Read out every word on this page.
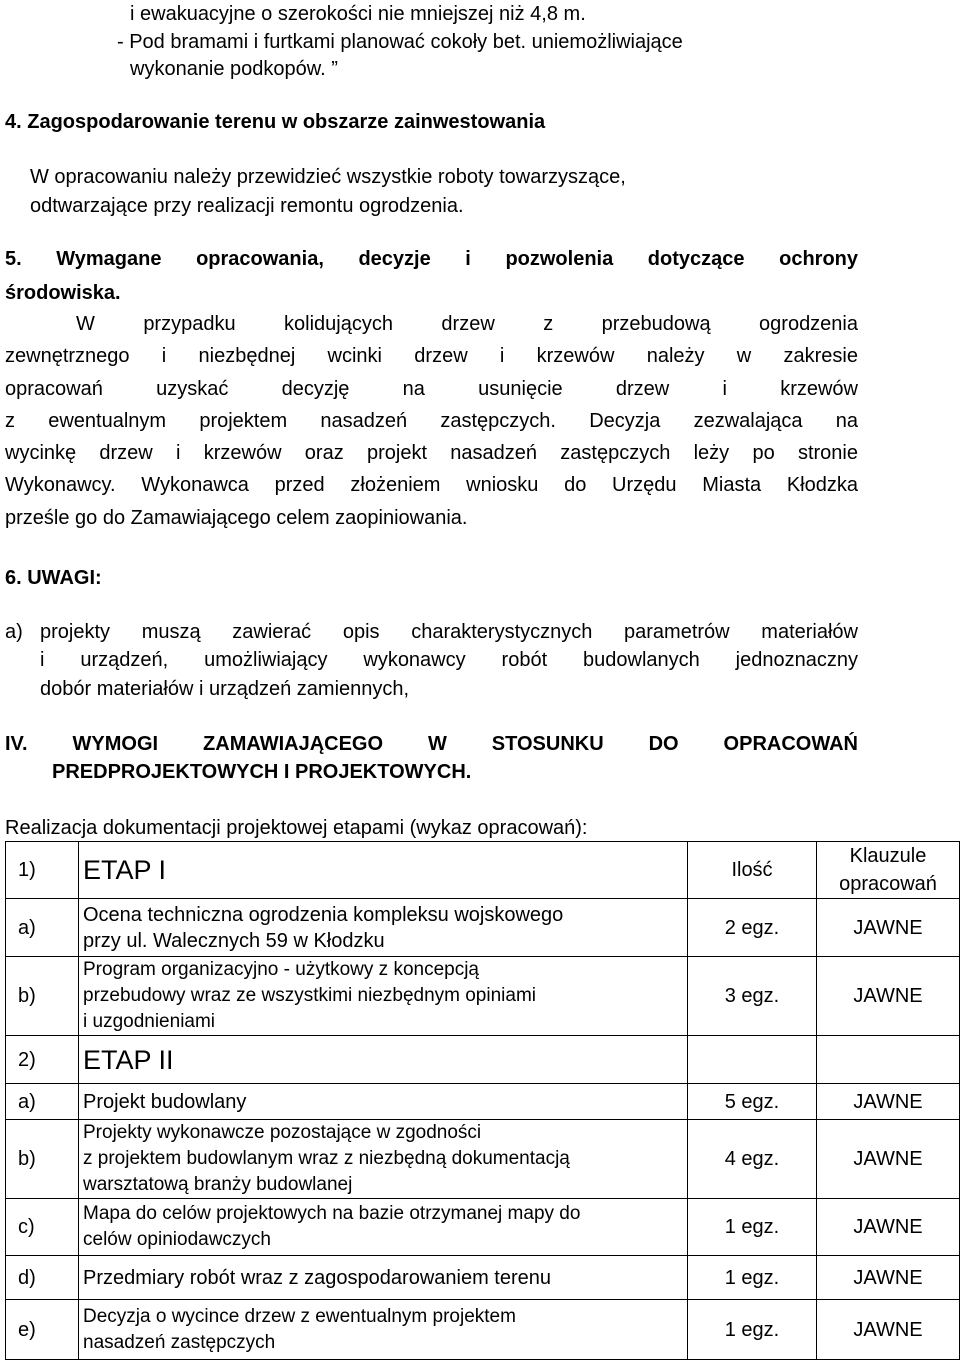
i ewakuacyjne o szerokości nie mniejszej niż 4,8 m.
- Pod bramami i furtkami planować cokoły bet. uniemożliwiające
wykonanie podkopów. ”
4. Zagospodarowanie terenu w obszarze zainwestowania
W opracowaniu należy przewidzieć wszystkie roboty towarzyszące,
odtwarzające przy realizacji remontu ogrodzenia.
5. Wymagane opracowania, decyzje i pozwolenia dotyczące ochrony
środowiska.
W przypadku kolidujących drzew z przebudową ogrodzenia
zewnętrznego i niezbędnej wcinki drzew i krzewów należy w zakresie
opracowań uzyskać decyzję na usunięcie drzew i krzewów
z ewentualnym projektem nasadzeń zastępczych. Decyzja zezwalająca na
wycinkę drzew i krzewów oraz projekt nasadzeń zastępczych leży po stronie
Wykonawcy. Wykonawca przed złożeniem wniosku do Urzędu Miasta Kłodzka
prześle go do Zamawiającego celem zaopiniowania.
6. UWAGI:
a) projekty muszą zawierać opis charakterystycznych parametrów materiałów
i urządzeń, umożliwiający wykonawcy robót budowlanych jednoznaczny
dobór materiałów i urządzeń zamiennych,
IV. WYMOGI ZAMAWIAJĄCEGO W STOSUNKU DO OPRACOWAŃ
PREDPROJEKTOWYCH I PROJEKTOWYCH.
Realizacja dokumentacji projektowej etapami (wykaz opracowań):
1)	ETAP I	Ilość	Klauzule
opracowań

a)	Ocena techniczna ogrodzenia kompleksu wojskowego
przy ul. Walecznych 59 w Kłodzku	2 egz.	JAWNE
b)	Program organizacyjno - użytkowy z koncepcją
przebudowy wraz ze wszystkimi niezbędnym opiniami
i uzgodnieniami	3 egz.	JAWNE
2)	ETAP II		
a)	Projekt budowlany	5 egz.	JAWNE
b)	Projekty wykonawcze pozostające w zgodności
z projektem budowlanym wraz z niezbędną dokumentacją
warsztatową branży budowlanej	4 egz.	JAWNE
c)	Mapa do celów projektowych na bazie otrzymanej mapy do
celów opiniodawczych	1 egz.	JAWNE
d)	Przedmiary robót wraz z zagospodarowaniem terenu	1 egz.	JAWNE
e)	Decyzja o wycince drzew z ewentualnym projektem
nasadzeń zastępczych	1 egz.	JAWNE
